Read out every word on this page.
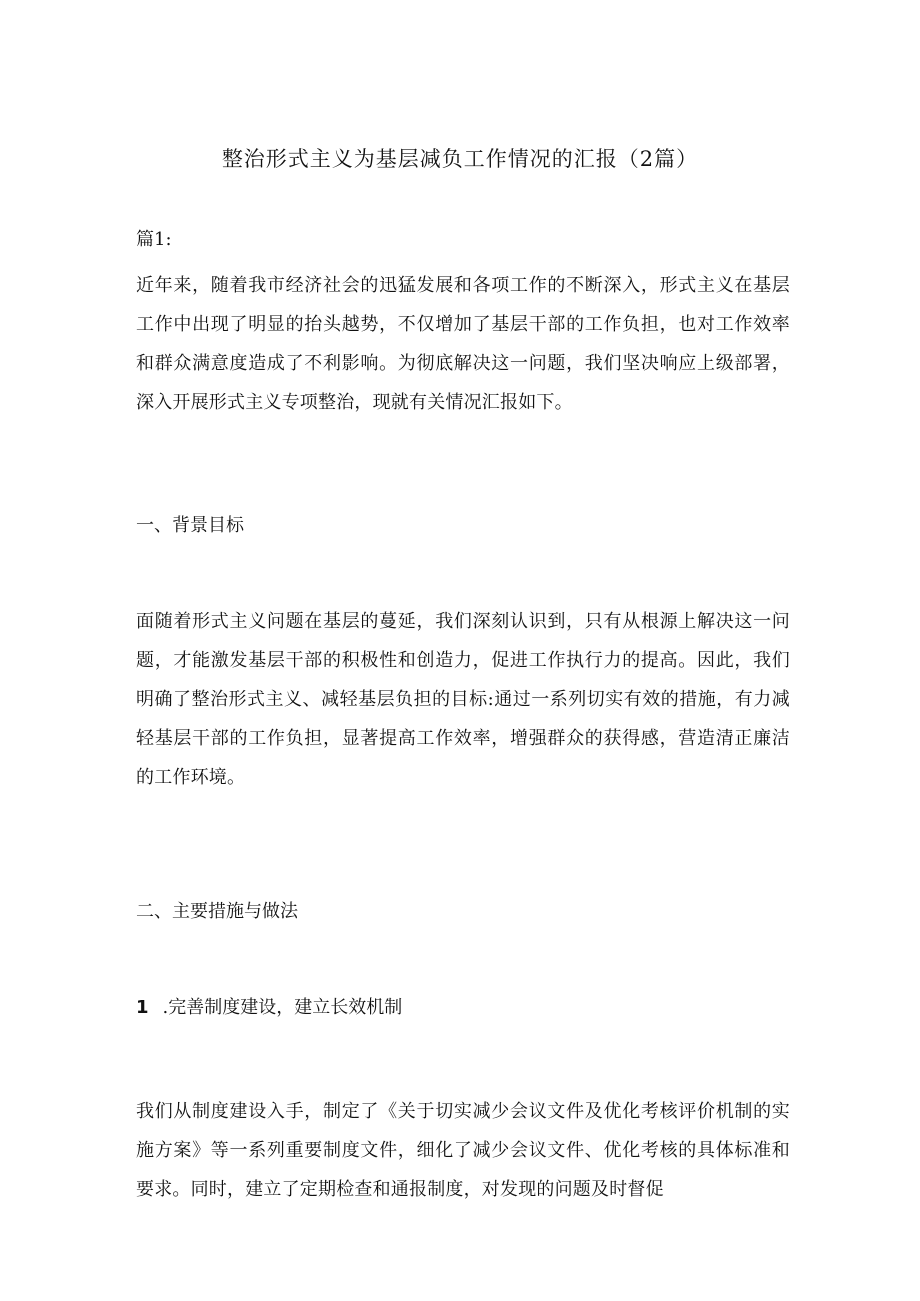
整治形式主义为基层减负工作情况的汇报（2篇）
篇1:
近年来，随着我市经济社会的迅猛发展和各项工作的不断深入，形式主义在基层工作中出现了明显的抬头越势，不仅增加了基层干部的工作负担，也对工作效率和群众满意度造成了不利影响。为彻底解决这一问题，我们坚决响应上级部署，深入开展形式主义专项整治，现就有关情况汇报如下。
一、背景目标
面随着形式主义问题在基层的蔓延，我们深刻认识到，只有从根源上解决这一问题，才能激发基层干部的积极性和创造力，促进工作执行力的提高。因此，我们明确了整治形式主义、减轻基层负担的目标:通过一系列切实有效的措施，有力减轻基层干部的工作负担，显著提高工作效率，增强群众的获得感，营造清正廉洁的工作环境。
二、主要措施与做法
1 .完善制度建设，建立长效机制
我们从制度建设入手，制定了《关于切实减少会议文件及优化考核评价机制的实施方案》等一系列重要制度文件，细化了减少会议文件、优化考核的具体标准和要求。同时，建立了定期检查和通报制度，对发现的问题及时督促
